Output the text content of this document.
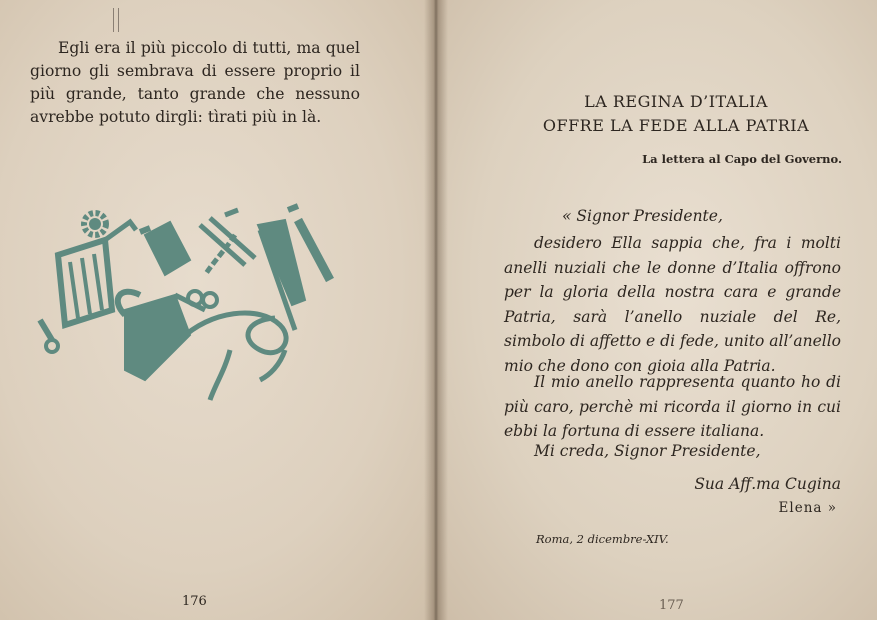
Egli era il più piccolo di tutti, ma quel giorno gli sembrava di essere proprio il più grande, tanto grande che nessuno avrebbe potuto dirgli: tìrati più in là.

176
LA REGINA D’ITALIA
OFFRE LA FEDE ALLA PATRIA
La lettera al Capo del Governo.
« Signor Presidente,
desidero Ella sappia che, fra i molti anelli nuziali che le donne d’Italia offrono per la gloria della nostra cara e grande Patria, sarà l’anello nuziale del Re, simbolo di affetto e di fede, unito all’anello mio che dono con gioia alla Patria.
Il mio anello rappresenta quanto ho di più caro, perchè mi ricorda il giorno in cui ebbi la fortuna di essere italiana.
Mi creda, Signor Presidente,
Sua Aff.ma Cugina
Elena »
Roma, 2 dicembre-XIV.
177
